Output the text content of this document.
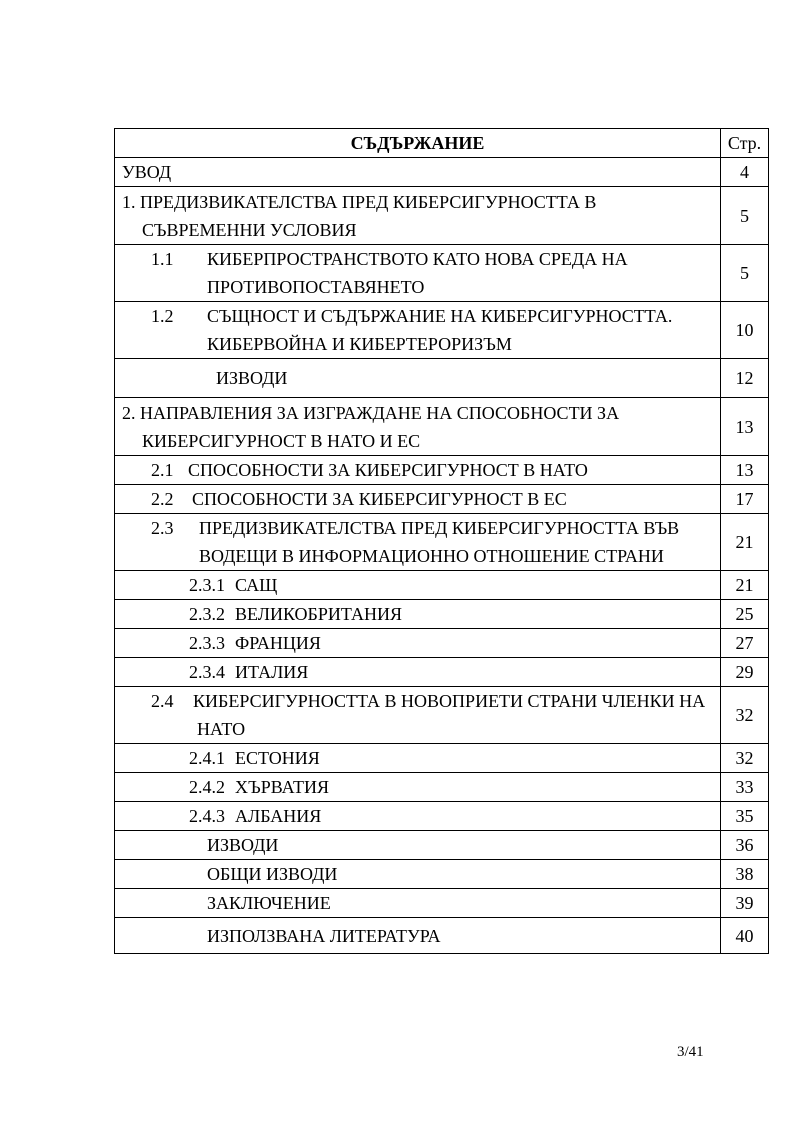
СЪДЪРЖАНИЕ	Стр.
УВОД	4

1. ПРЕДИЗВИКАТЕЛСТВА ПРЕД КИБЕРСИГУРНОСТТА В СЪВРЕМЕННИ УСЛОВИЯ	5

1.1 КИБЕРПРОСТРАНСТВОТО КАТО НОВА СРЕДА НА ПРОТИВОПОСТАВЯНЕТО	5

1.2 СЪЩНОСТ И СЪДЪРЖАНИЕ НА КИБЕРСИГУРНОСТТА. КИБЕРВОЙНА И КИБЕРТЕРОРИЗЪМ	10
ИЗВОДИ	12

2. НАПРАВЛЕНИЯ ЗА ИЗГРАЖДАНЕ НА СПОСОБНОСТИ ЗА КИБЕРСИГУРНОСТ В НАТО И ЕС	13

2.1 СПОСОБНОСТИ ЗА КИБЕРСИГУРНОСТ В НАТО	13

2.2 СПОСОБНОСТИ ЗА КИБЕРСИГУРНОСТ В ЕС	17

2.3 ПРЕДИЗВИКАТЕЛСТВА ПРЕД КИБЕРСИГУРНОСТТА ВЪВ ВОДЕЩИ В ИНФОРМАЦИОННО ОТНОШЕНИЕ СТРАНИ	21

2.3.1 САЩ	21

2.3.2 ВЕЛИКОБРИТАНИЯ	25

2.3.3 ФРАНЦИЯ	27

2.3.4 ИТАЛИЯ	29

2.4 КИБЕРСИГУРНОСТТА В НОВОПРИЕТИ СТРАНИ ЧЛЕНКИ НА НАТО	32

2.4.1 ЕСТОНИЯ	32

2.4.2 ХЪРВАТИЯ	33

2.4.3 АЛБАНИЯ	35
ИЗВОДИ	36
ОБЩИ ИЗВОДИ	38
ЗАКЛЮЧЕНИЕ	39
ИЗПОЛЗВАНА ЛИТЕРАТУРА	40
3/41
